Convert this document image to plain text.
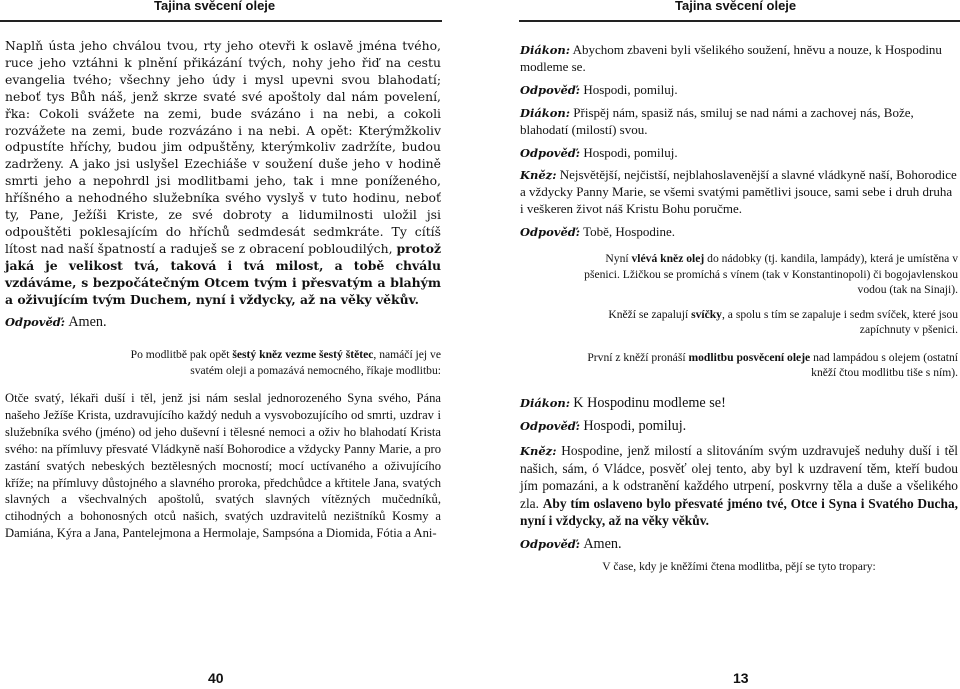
Tajina svěcení oleje	Tajina svěcení oleje

Naplň ústa jeho chválou tvou, rty jeho otevři k oslavě jména tvého, ruce jeho vztáhni k plnění přikázání tvých, nohy jeho řiď na cestu evangelia tvého; všechny jeho údy i mysl upevni svou blahodatí; neboť tys Bůh náš, jenž skrze svaté své apoštoly dal nám povelení, řka: Cokoli svážete na zemi, bude svázáno i na nebi, a cokoli rozvážete na zemi, bude rozvázáno i na nebi. A opět: Kterýmžkoliv odpustíte hříchy, budou jim odpuštěny, kterýmkoliv zadržíte, budou zadrženy. A jako jsi uslyšel Ezechiáše v soužení duše jeho v hodině smrti jeho a nepohrdl jsi modlitbami jeho, tak i mne poníženého, hříšného a nehodného služebníka svého vyslyš v tuto hodinu, neboť ty, Pane, Ježíši Kriste, ze své dobroty a lidumilnosti uložil jsi odpouštěti poklesajícím do hříchů sedmdesát sedmkráte. Ty cítíš lítost nad naší špatností a raduješ se z obracení pobloudilých, protož jaká je velikost tvá, taková i tvá milost, a tobě chválu vzdáváme, s bezpočátečným Otcem tvým i přesvatým a blahým a oživujícím tvým Duchem, nyní i vždycky, až na věky věkův.

Odpověď: Amen.

Po modlitbě pak opět šestý kněz vezme šestý štětec, namáčí jej ve svatém oleji a pomazává nemocného, říkaje modlitbu:

Otče svatý, lékaři duší i těl, jenž jsi nám seslal jednorozeného Syna svého, Pána našeho Ježíše Krista, uzdravujícího každý neduh a vysvobozujícího od smrti, uzdrav i služebníka svého (jméno) od jeho duševní i tělesné nemoci a oživ ho blahodatí Krista svého: na přímluvy přesvaté Vládkyně naší Bohorodice a vždycky Panny Marie, a pro zastání svatých nebeských beztělesných mocností; mocí uctívaného a oživujícího kříže; na přímluvy důstojného a slavného proroka, předchůdce a křtitele Jana, svatých slavných a všechvalných apoštolů, svatých slavných vítězných mučedníků, ctihodných a bohonosných otců našich, svatých uzdravitelů nezištníků Kosmy a Damiána, Kýra a Jana, Pantelejmona a Hermolaje, Sampsóna a Diomida, Fótia a Ani-

40

Diákon: Abychom zbaveni byli všelikého soužení, hněvu a nouze, k Hospodinu modleme se.

Odpověď: Hospodi, pomiluj.

Diákon: Přispěj nám, spasiž nás, smiluj se nad námi a zachovej nás, Bože, blahodatí (milostí) svou.

Odpověď: Hospodi, pomiluj.

Kněz: Nejsvětější, nejčistší, nejblahoslavenější a slavné vládkyně naší, Bohorodice a vždycky Panny Marie, se všemi svatými pamětlivi jsouce, sami sebe i druh druha i veškeren život náš Kristu Bohu poručme.

Odpověď: Tobě, Hospodine.

Nyní vlévá kněz olej do nádobky (tj. kandila, lampády), která je umístěna v pšenici. Lžičkou se promíchá s vínem (tak v Konstantinopoli) či bogojavlenskou vodou (tak na Sinaji).

Kněží se zapalují svíčky, a spolu s tím se zapaluje i sedm svíček, které jsou zapíchnuty v pšenici.

První z kněží pronáší modlitbu posvěcení oleje nad lampádou s olejem (ostatní kněží čtou modlitbu tiše s ním).

Diákon: K Hospodinu modleme se!

Odpověď: Hospodi, pomiluj.

Kněz: Hospodine, jenž milostí a slitováním svým uzdravuješ neduhy duší i těl našich, sám, ó Vládce, posvěť olej tento, aby byl k uzdravení těm, kteří budou jím pomazáni, a k odstranění každého utrpení, poskvrny těla a duše a všelikého zla. Aby tím oslaveno bylo přesvaté jméno tvé, Otce i Syna i Svatého Ducha, nyní i vždycky, až na věky věkův.

Odpověď: Amen.

V čase, kdy je kněžími čtena modlitba, pějí se tyto tropary:

13
